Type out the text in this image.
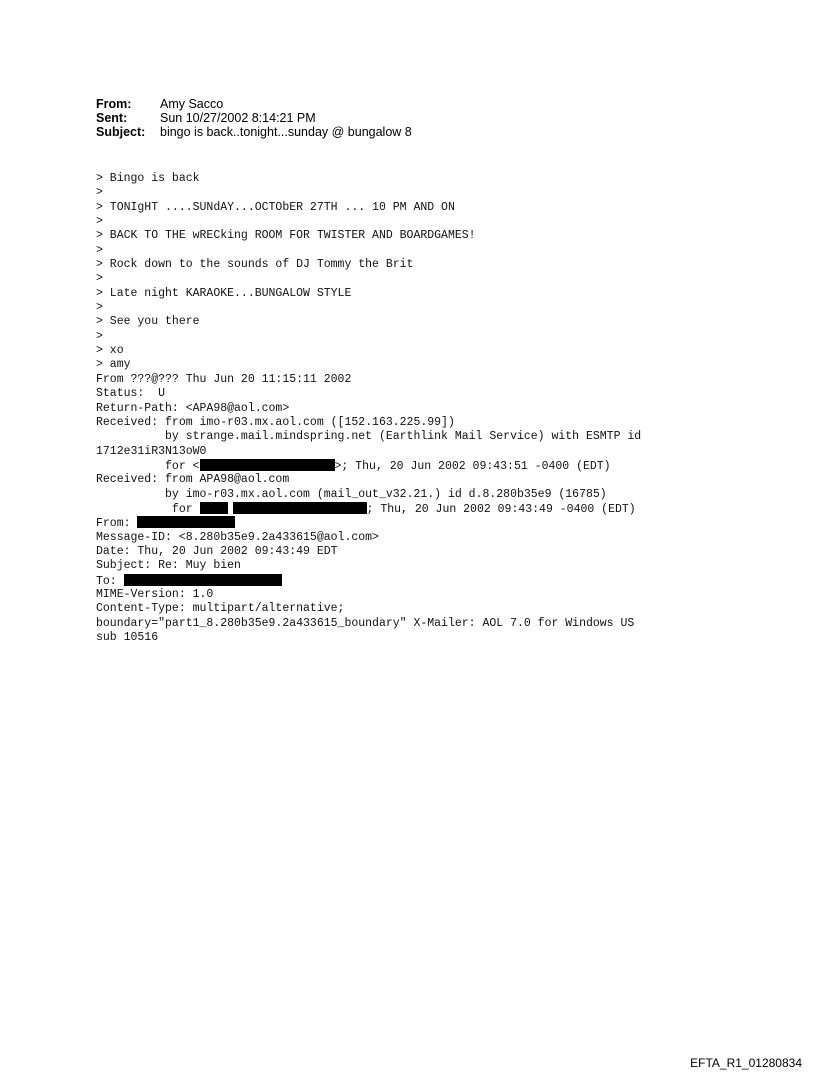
From:	Amy Sacco
Sent:	Sun 10/27/2002 8:14:21 PM
Subject:	bingo is back..tonight...sunday @ bungalow 8
> Bingo is back
>
> TONIgHT ....SUNdAY...OCTObER 27TH ... 10 PM AND ON
>
> BACK TO THE wRECking ROOM FOR TWISTER AND BOARDGAMES!
>
> Rock down to the sounds of DJ Tommy the Brit
>
> Late night KARAOKE...BUNGALOW STYLE
>
> See you there
>
> xo
> amy
From ???@??? Thu Jun 20 11:15:11 2002
Status:  U
Return-Path: <APA98@aol.com>
Received: from imo-r03.mx.aol.com ([152.163.225.99])
by strange.mail.mindspring.net (Earthlink Mail Service) with ESMTP id
1712e31iR3N13oW0
for <	>; Thu, 20 Jun 2002 09:43:51 -0400 (EDT)
Received: from APA98@aol.com
by imo-r03.mx.aol.com (mail_out_v32.21.) id d.8.280b35e9 (16785)
for	; Thu, 20 Jun 2002 09:43:49 -0400 (EDT)
From:
Message-ID: <8.280b35e9.2a433615@aol.com>
Date: Thu, 20 Jun 2002 09:43:49 EDT
Subject: Re: Muy bien
To:
MIME-Version: 1.0
Content-Type: multipart/alternative;
boundary="part1_8.280b35e9.2a433615_boundary" X-Mailer: AOL 7.0 for Windows US
sub 10516
EFTA_R1_01280834
